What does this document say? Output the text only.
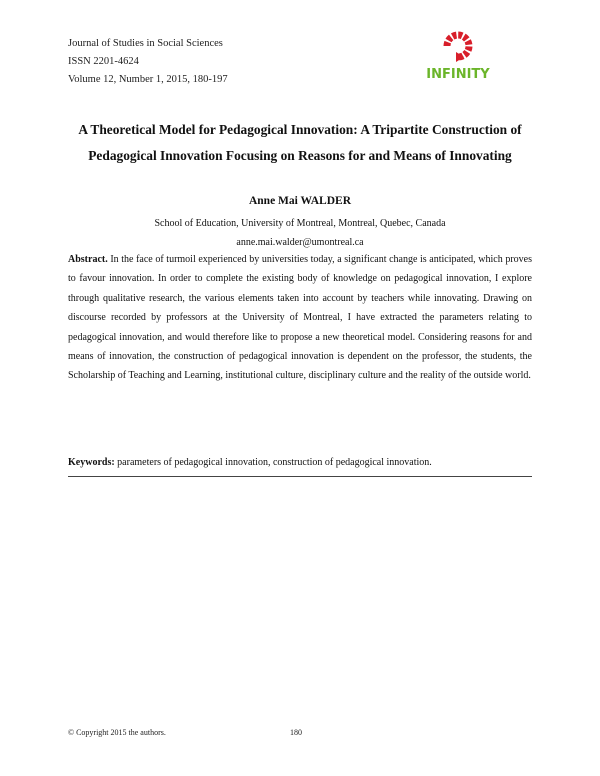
Journal of Studies in Social Sciences
ISSN 2201-4624
Volume 12, Number 1, 2015, 180-197	INFINITY
A Theoretical Model for Pedagogical Innovation: A Tripartite Construction of
Pedagogical Innovation Focusing on Reasons for and Means of Innovating
Anne Mai WALDER
School of Education, University of Montreal, Montreal, Quebec, Canada
anne.mai.walder@umontreal.ca
Abstract. In the face of turmoil experienced by universities today, a significant change is anticipated, which proves to favour innovation. In order to complete the existing body of knowledge on pedagogical innovation, I explore through qualitative research, the various elements taken into account by teachers while innovating. Drawing on discourse recorded by professors at the University of Montreal, I have extracted the parameters relating to pedagogical innovation, and would therefore like to propose a new theoretical model. Considering reasons for and means of innovation, the construction of pedagogical innovation is dependent on the professor, the students, the Scholarship of Teaching and Learning, institutional culture, disciplinary culture and the reality of the outside world.
Keywords: parameters of pedagogical innovation, construction of pedagogical innovation.
© Copyright 2015 the authors.	180
